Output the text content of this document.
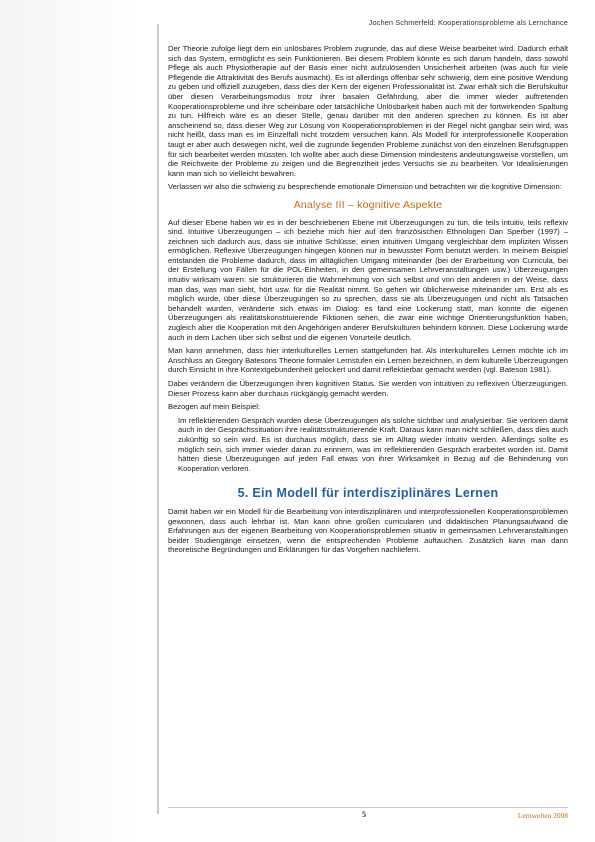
Jochen Schmerfeld: Kooperationsprobleme als Lernchance

Der Theorie zufolge liegt dem ein unlösbares Problem zugrunde, das auf diese Weise bearbeitet wird. Dadurch erhält sich das System, ermöglicht es sein Funktionieren. Bei diesem Problem könnte es sich darum handeln, dass sowohl Pflege als auch Physiotherapie auf der Basis einer nicht aufzulösenden Unsicherheit arbeiten (was auch für viele Pflegende die Attraktivität des Berufs ausmacht). Es ist allerdings offenbar sehr schwierig, dem eine positive Wendung zu geben und offiziell zuzugeben, dass dies der Kern der eigenen Professionalität ist. Zwar erhält sich die Berufskultur über diesen Verarbeitungsmodus trotz ihrer basalen Gefährdung, aber die immer wieder auftretenden Kooperationsprobleme und ihre scheinbare oder tatsächliche Unlösbarkeit haben auch mit der fortwirkenden Spaltung zu tun. Hilfreich wäre es an dieser Stelle, genau darüber mit den anderen sprechen zu können. Es ist aber anscheinend so, dass dieser Weg zur Lösung von Kooperationsproblemen in der Regel nicht gangbar sein wird, was nicht heißt, dass man es im Einzelfall nicht trotzdem versuchen kann. Als Modell für interprofessionelle Kooperation taugt er aber auch deswegen nicht, weil die zugrunde liegenden Probleme zunächst von den einzelnen Berufsgruppen für sich bearbeitet werden müssten. Ich wollte aber auch diese Dimension mindestens andeutungsweise vorstellen, um die Reichweite der Probleme zu zeigen und die Begrenztheit jedes Versuchs sie zu bearbeiten. Vor Idealisierungen kann man sich so vielleicht bewahren.

Verlassen wir also die schwierig zu besprechende emotionale Dimension und betrachten wir die kognitive Dimension:

Analyse III – kognitive Aspekte

Auf dieser Ebene haben wir es in der beschriebenen Ebene mit Überzeugungen zu tun, die teils intuitiv, teils reflexiv sind. Intuitive Überzeugungen – ich beziehe mich hier auf den französischen Ethnologen Dan Sperber (1997) – zeichnen sich dadurch aus, dass sie intuitive Schlüsse, einen intuitiven Umgang vergleichbar dem impliziten Wissen ermöglichen. Reflexive Überzeugungen hingegen können nur in bewusster Form benutzt werden. In meinem Beispiel entstanden die Probleme dadurch, dass im alltäglichen Umgang miteinander (bei der Erarbeitung von Curricula, bei der Erstellung von Fällen für die POL-Einheiten, in den gemeinsamen Lehrveranstaltungen usw.) Überzeugungen intuitiv wirksam waren: sie strukturieren die Wahrnehmung von sich selbst und von den anderen in der Weise, dass man das, was man sieht, hört usw. für die Realität nimmt. So gehen wir üblicherweise miteinander um. Erst als es möglich wurde, über diese Überzeugungen so zu sprechen, dass sie als Überzeugungen und nicht als Tatsachen behandelt wurden, veränderte sich etwas im Dialog: es fand eine Lockerung statt, man konnte die eigenen Überzeugungen als realitätskonstituierende Fiktionen sehen, die zwar eine wichtige Orientierungsfunktion haben, zugleich aber die Kooperation mit den Angehörigen anderer Berufskulturen behindern können. Diese Lockerung wurde auch in dem Lachen über sich selbst und die eigenen Vorurteile deutlich.

Man kann annehmen, dass hier interkulturelles Lernen stattgefunden hat. Als interkulturelles Lernen möchte ich im Anschluss an Gregory Batesons Theorie formaler Lernstufen ein Lernen bezeichnen, in dem kulturelle Überzeugungen durch Einsicht in ihre Kontextgebundenheit gelockert und damit reflektierbar gemacht werden (vgl. Bateson 1981).

Dabei verändern die Überzeugungen ihren kognitiven Status. Sie werden von intuitiven zu reflexiven Überzeugungen. Dieser Prozess kann aber durchaus rückgängig gemacht werden.

Bezogen auf mein Beispiel:

Im reflektierenden Gespräch wurden diese Überzeugungen als solche sichtbar und analysierbar. Sie verloren damit auch in der Gesprächssituation ihre realitätsstrukturierende Kraft. Daraus kann man nicht schließen, dass dies auch zukünftig so sein wird. Es ist durchaus möglich, dass sie im Alltag wieder intuitiv werden. Allerdings sollte es möglich sein, sich immer wieder daran zu erinnern, was im reflektierenden Gespräch erarbeitet worden ist. Damit hätten diese Überzeugungen auf jeden Fall etwas von ihrer Wirksamkeit in Bezug auf die Behinderung von Kooperation verloren.

5. Ein Modell für interdisziplinäres Lernen

Damit haben wir ein Modell für die Bearbeitung von interdisziplinären und interprofessionellen Kooperationsproblemen gewonnen, dass auch lehrbar ist. Man kann ohne großen curricularen und didaktischen Planungsaufwand die Erfahrungen aus der eigenen Bearbeitung von Kooperationsproblemen situativ in gemeinsamen Lehrveranstaltungen beider Studiengänge einsetzen, wenn die entsprechenden Probleme auftauchen. Zusätzlich kann man dann theoretische Begründungen und Erklärungen für das Vorgehen nachliefern.

5	Lernwelten 2008
